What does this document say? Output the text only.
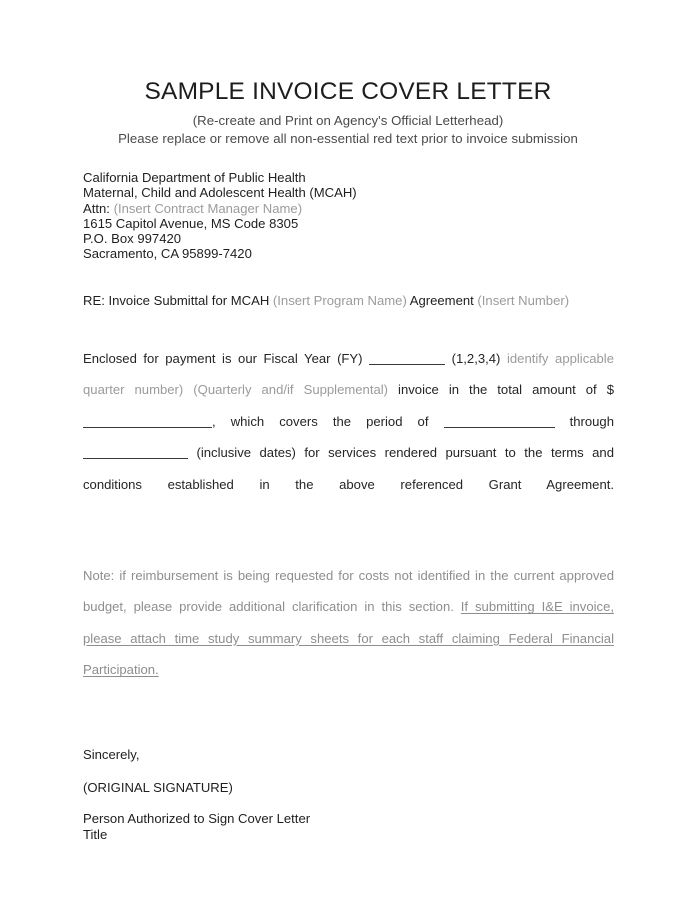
SAMPLE INVOICE COVER LETTER
(Re-create and Print on Agency's Official Letterhead)
Please replace or remove all non-essential red text prior to invoice submission
California Department of Public Health
Maternal, Child and Adolescent Health (MCAH)
Attn: (Insert Contract Manager Name)
1615 Capitol Avenue, MS Code 8305
P.O. Box 997420
Sacramento, CA 95899-7420
RE: Invoice Submittal for MCAH (Insert Program Name) Agreement (Insert Number)
Enclosed for payment is our Fiscal Year (FY)	(1,2,3,4) identify applicable quarter number) (Quarterly and/if Supplemental) invoice in the total amount of $, which covers the period of	through  (inclusive dates) for services rendered pursuant to the terms and conditions established in the above referenced Grant Agreement.
Note: if reimbursement is being requested for costs not identified in the current approved budget, please provide additional clarification in this section. If submitting I&E invoice, please attach time study summary sheets for each staff claiming Federal Financial Participation.
Sincerely,
(ORIGINAL SIGNATURE)
Person Authorized to Sign Cover Letter
Title
